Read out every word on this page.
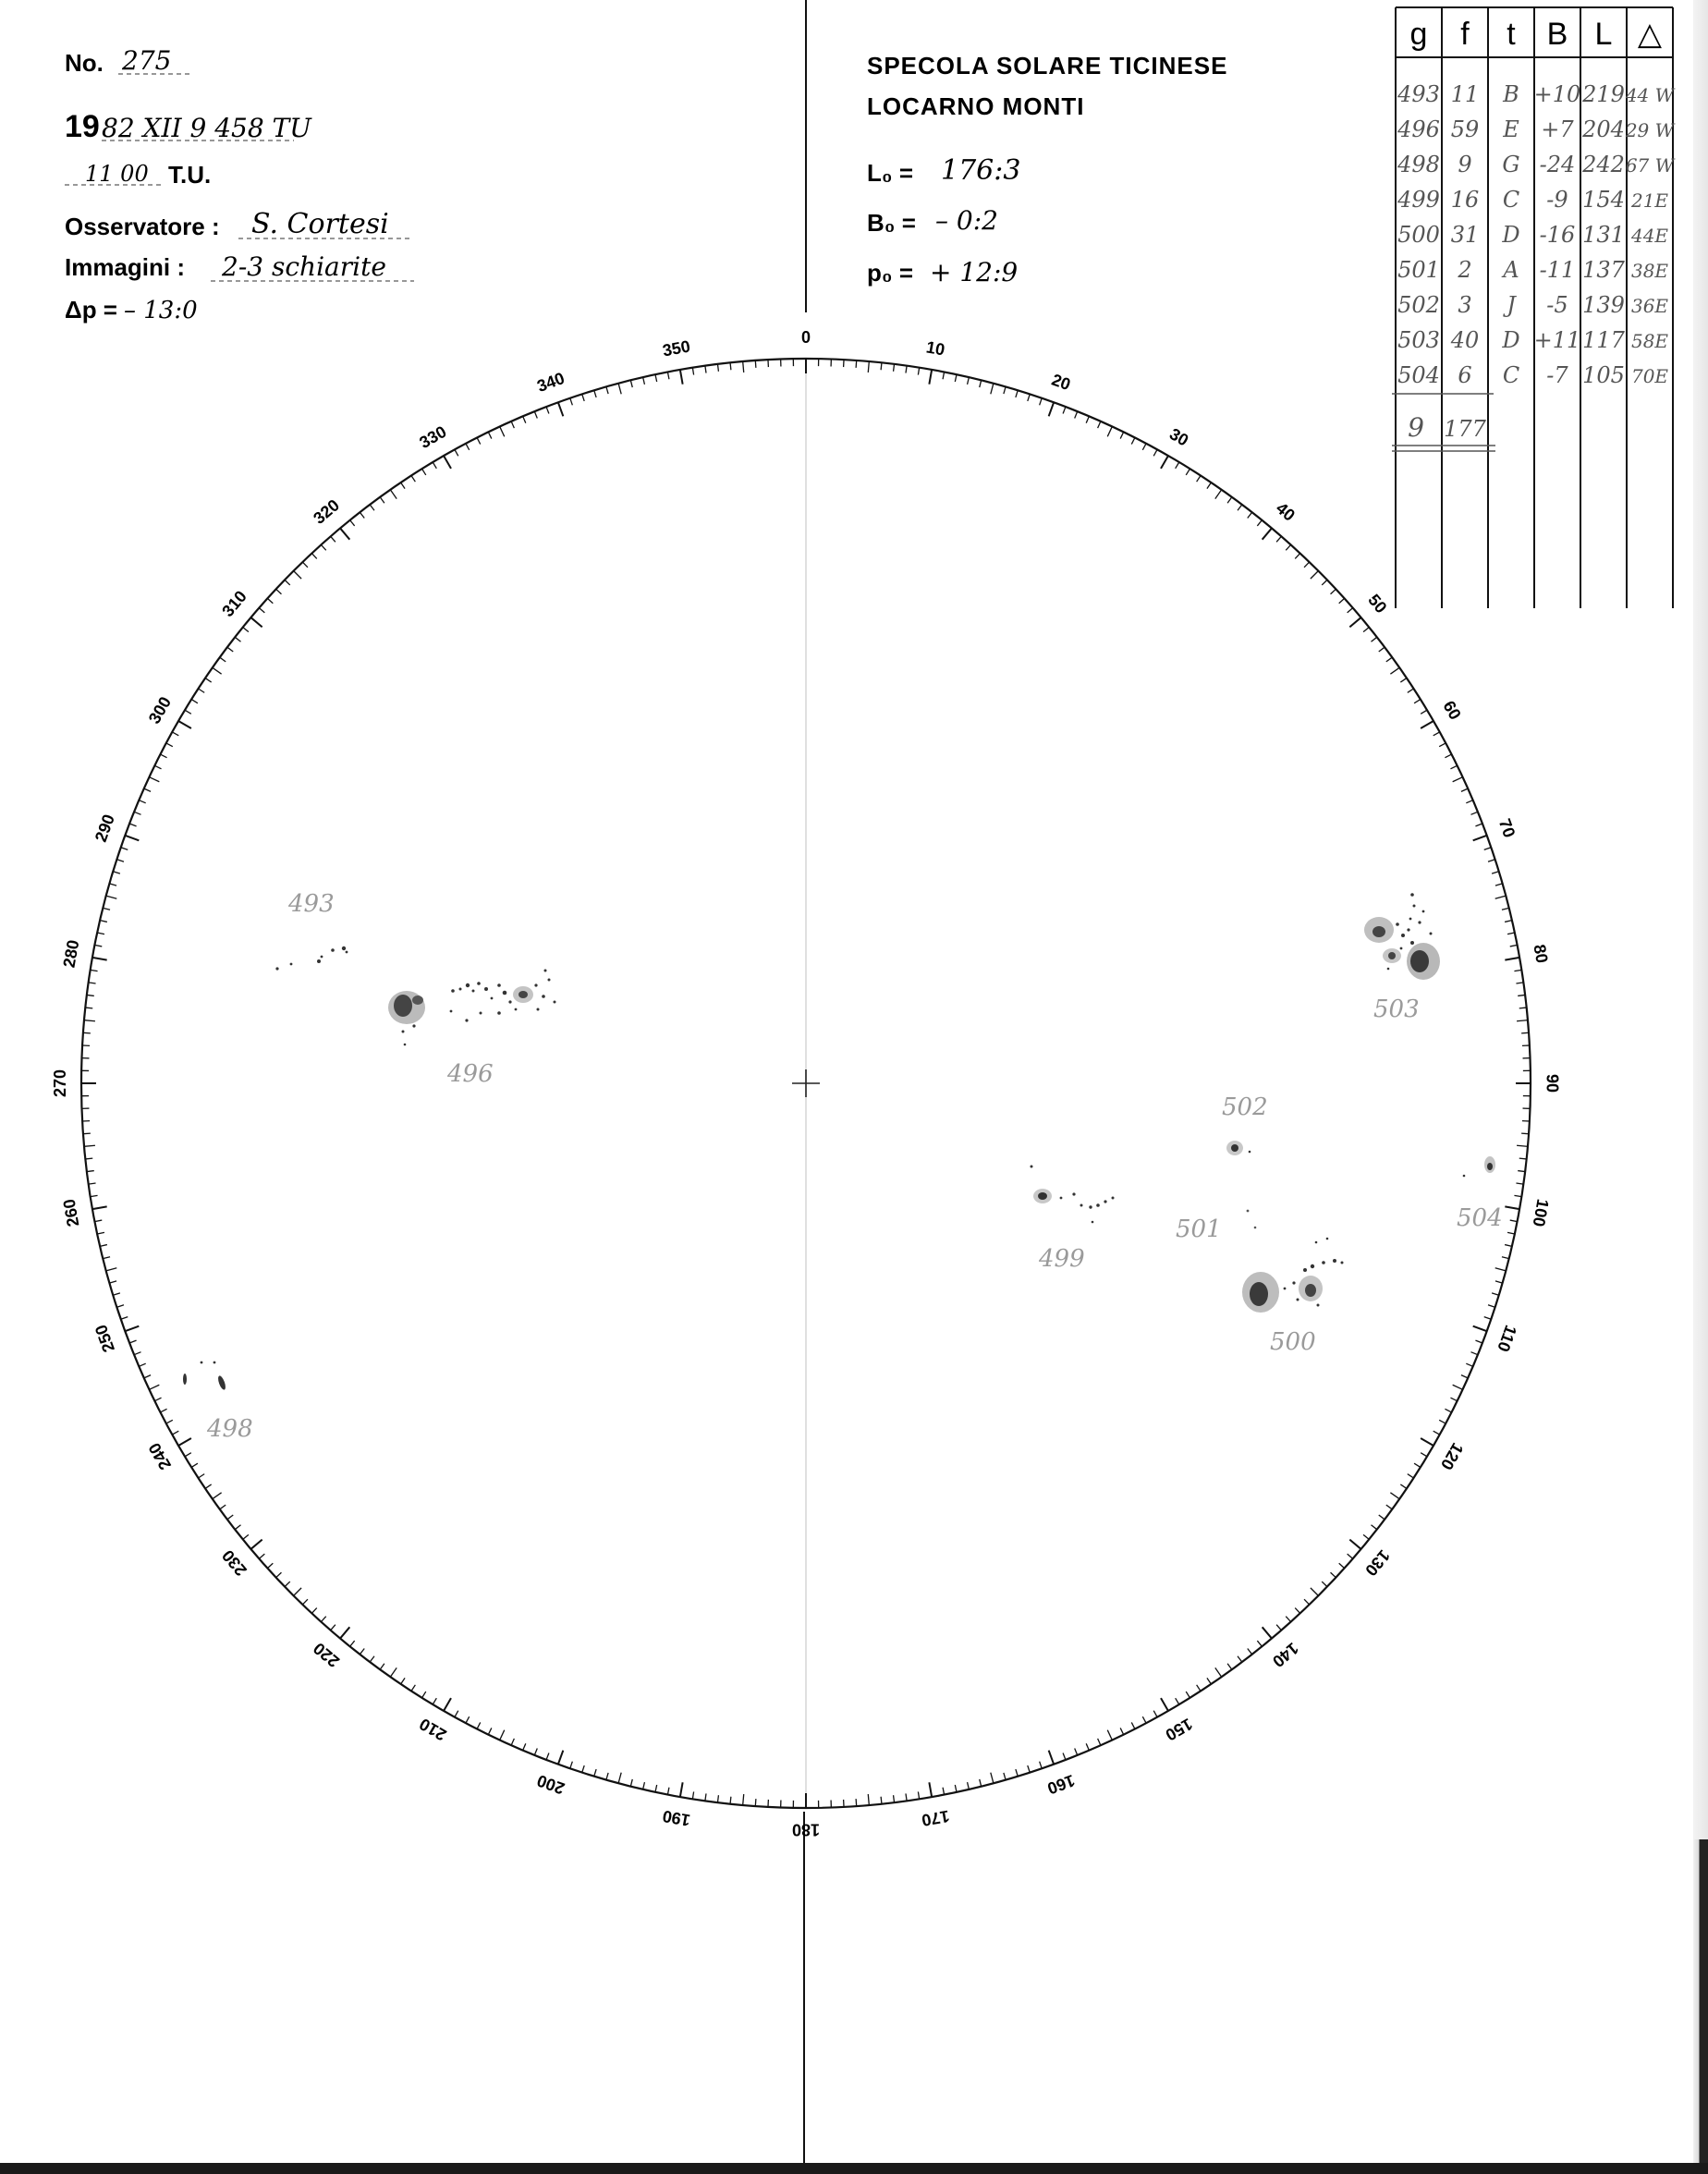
0
10
20
30
40
50
60
70
80
90
100
110
120
130
140
150
160
170
180
190
200
210
220
230
240
250
260
270
280
290
300
310
320
330
340
350
493
496
498
499
500
501
502
503
504
No. 275
19 82 XII 9 458 TU
11 00 T.U.
Osservatore : S. Cortesi
Immagini : 2-3 schiarite
Δp = – 13:0
SPECOLA SOLARE TICINESE
LOCARNO MONTI
L₀ = 176:3
B₀ = – 0:2
p₀ = + 12:9
g f t B L △
493 11 B +10 219 44 W
496 59 E +7 204 29 W
498 9 G -24 242 67 W
499 16 C -9 154 21E
500 31 D -16 131 44E
501 2 A -11 137 38E
502 3 J -5 139 36E
503 40 D +11 117 58E
504 6 C -7 105 70E
9 177
